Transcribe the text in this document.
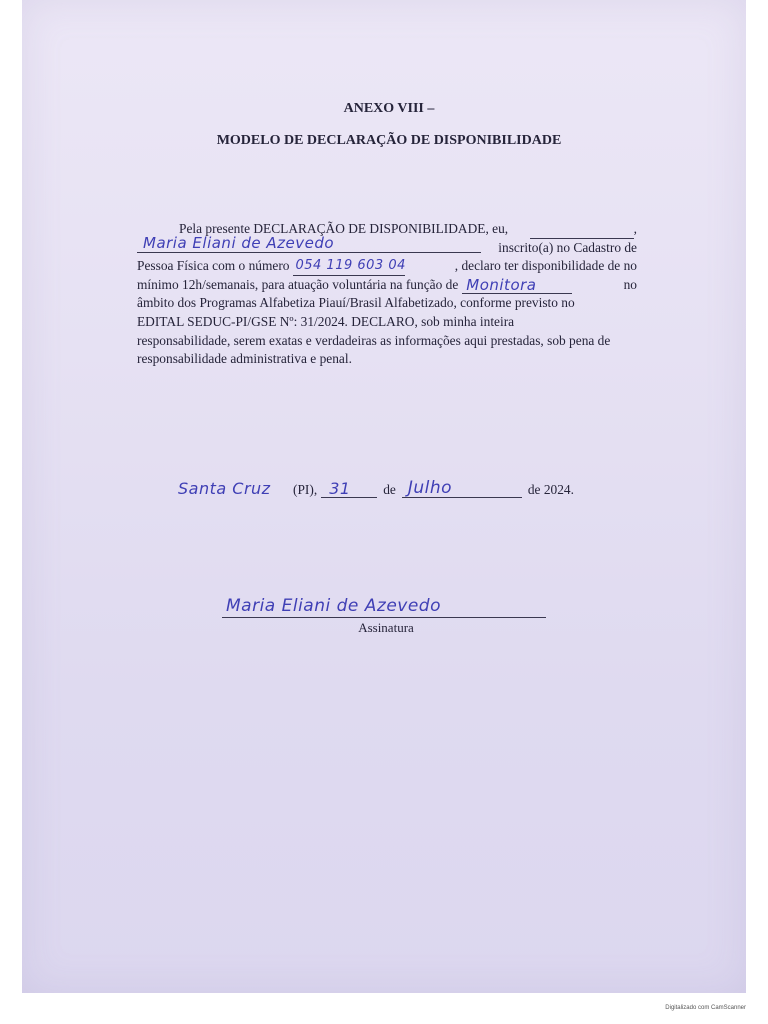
ANEXO VIII –
MODELO DE DECLARAÇÃO DE DISPONIBILIDADE
Pela presente DECLARAÇÃO DE DISPONIBILIDADE, eu,	,
Maria Eliani de Azevedo	inscrito(a) no Cadastro de
Pessoa Física com o número 054 119 603 04	, declaro ter disponibilidade de no
mínimo 12h/semanais, para atuação voluntária na função de Monitora	no
âmbito dos Programas Alfabetiza Piauí/Brasil Alfabetizado, conforme previsto no
EDITAL SEDUC-PI/GSE Nº: 31/2024. DECLARO, sob minha inteira
responsabilidade, serem exatas e verdadeiras as informações aqui prestadas, sob pena de
responsabilidade administrativa e penal.
Santa Cruz (PI), 31 de Julho	de 2024.
Maria Eliani de Azevedo
Assinatura
Digitalizado com CamScanner
